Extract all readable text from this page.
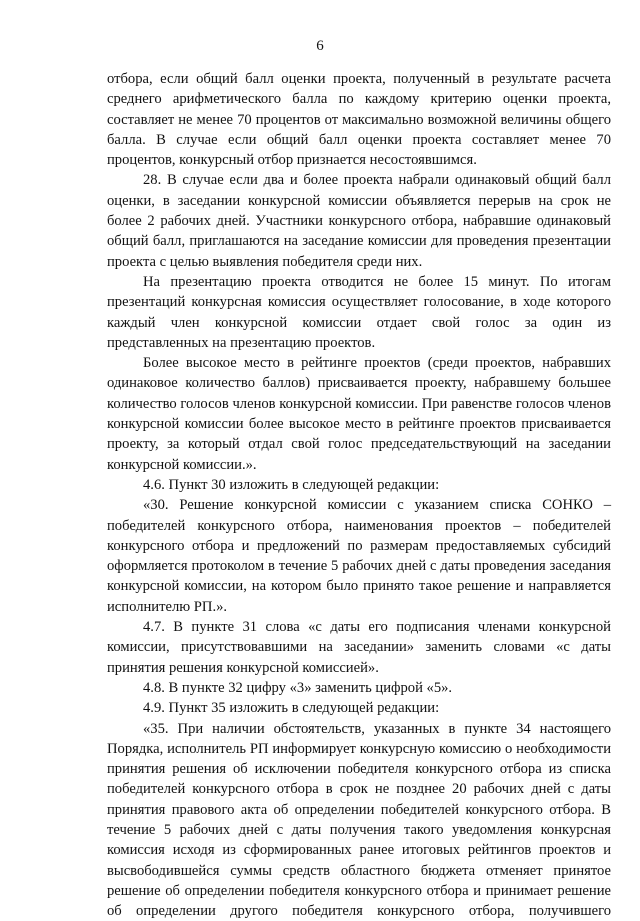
6

отбора, если общий балл оценки проекта, полученный в результате расчета среднего арифметического балла по каждому критерию оценки проекта, составляет не менее 70 процентов от максимально возможной величины общего балла. В случае если общий балл оценки проекта составляет менее 70 процентов, конкурсный отбор признается несостоявшимся.

28. В случае если два и более проекта набрали одинаковый общий балл оценки, в заседании конкурсной комиссии объявляется перерыв на срок не более 2 рабочих дней. Участники конкурсного отбора, набравшие одинаковый общий балл, приглашаются на заседание комиссии для проведения презентации проекта с целью выявления победителя среди них.

На презентацию проекта отводится не более 15 минут. По итогам презентаций конкурсная комиссия осуществляет голосование, в ходе которого каждый член конкурсной комиссии отдает свой голос за один из представленных на презентацию проектов.

Более высокое место в рейтинге проектов (среди проектов, набравших одинаковое количество баллов) присваивается проекту, набравшему большее количество голосов членов конкурсной комиссии. При равенстве голосов членов конкурсной комиссии более высокое место в рейтинге проектов присваивается проекту, за который отдал свой голос председательствующий на заседании конкурсной комиссии.».

4.6. Пункт 30 изложить в следующей редакции:

«30. Решение конкурсной комиссии с указанием списка СОНКО – победителей конкурсного отбора, наименования проектов – победителей конкурсного отбора и предложений по размерам предоставляемых субсидий оформляется протоколом в течение 5 рабочих дней с даты проведения заседания конкурсной комиссии, на котором было принято такое решение и направляется исполнителю РП.».

4.7. В пункте 31 слова «с даты его подписания членами конкурсной комиссии, присутствовавшими на заседании» заменить словами «с даты принятия решения конкурсной комиссией».

4.8. В пункте 32 цифру «3» заменить цифрой «5».

4.9. Пункт 35 изложить в следующей редакции:

«35. При наличии обстоятельств, указанных в пункте 34 настоящего Порядка, исполнитель РП информирует конкурсную комиссию о необходимости принятия решения об исключении победителя конкурсного отбора из списка победителей конкурсного отбора в срок не позднее 20 рабочих дней с даты принятия правового акта об определении победителей конкурсного отбора. В течение 5 рабочих дней с даты получения такого уведомления конкурсная комиссия исходя из сформированных ранее итоговых рейтингов проектов и высвободившейся суммы средств областного бюджета отменяет принятое решение об определении победителя конкурсного отбора и принимает решение об определении другого победителя конкурсного отбора, получившего
